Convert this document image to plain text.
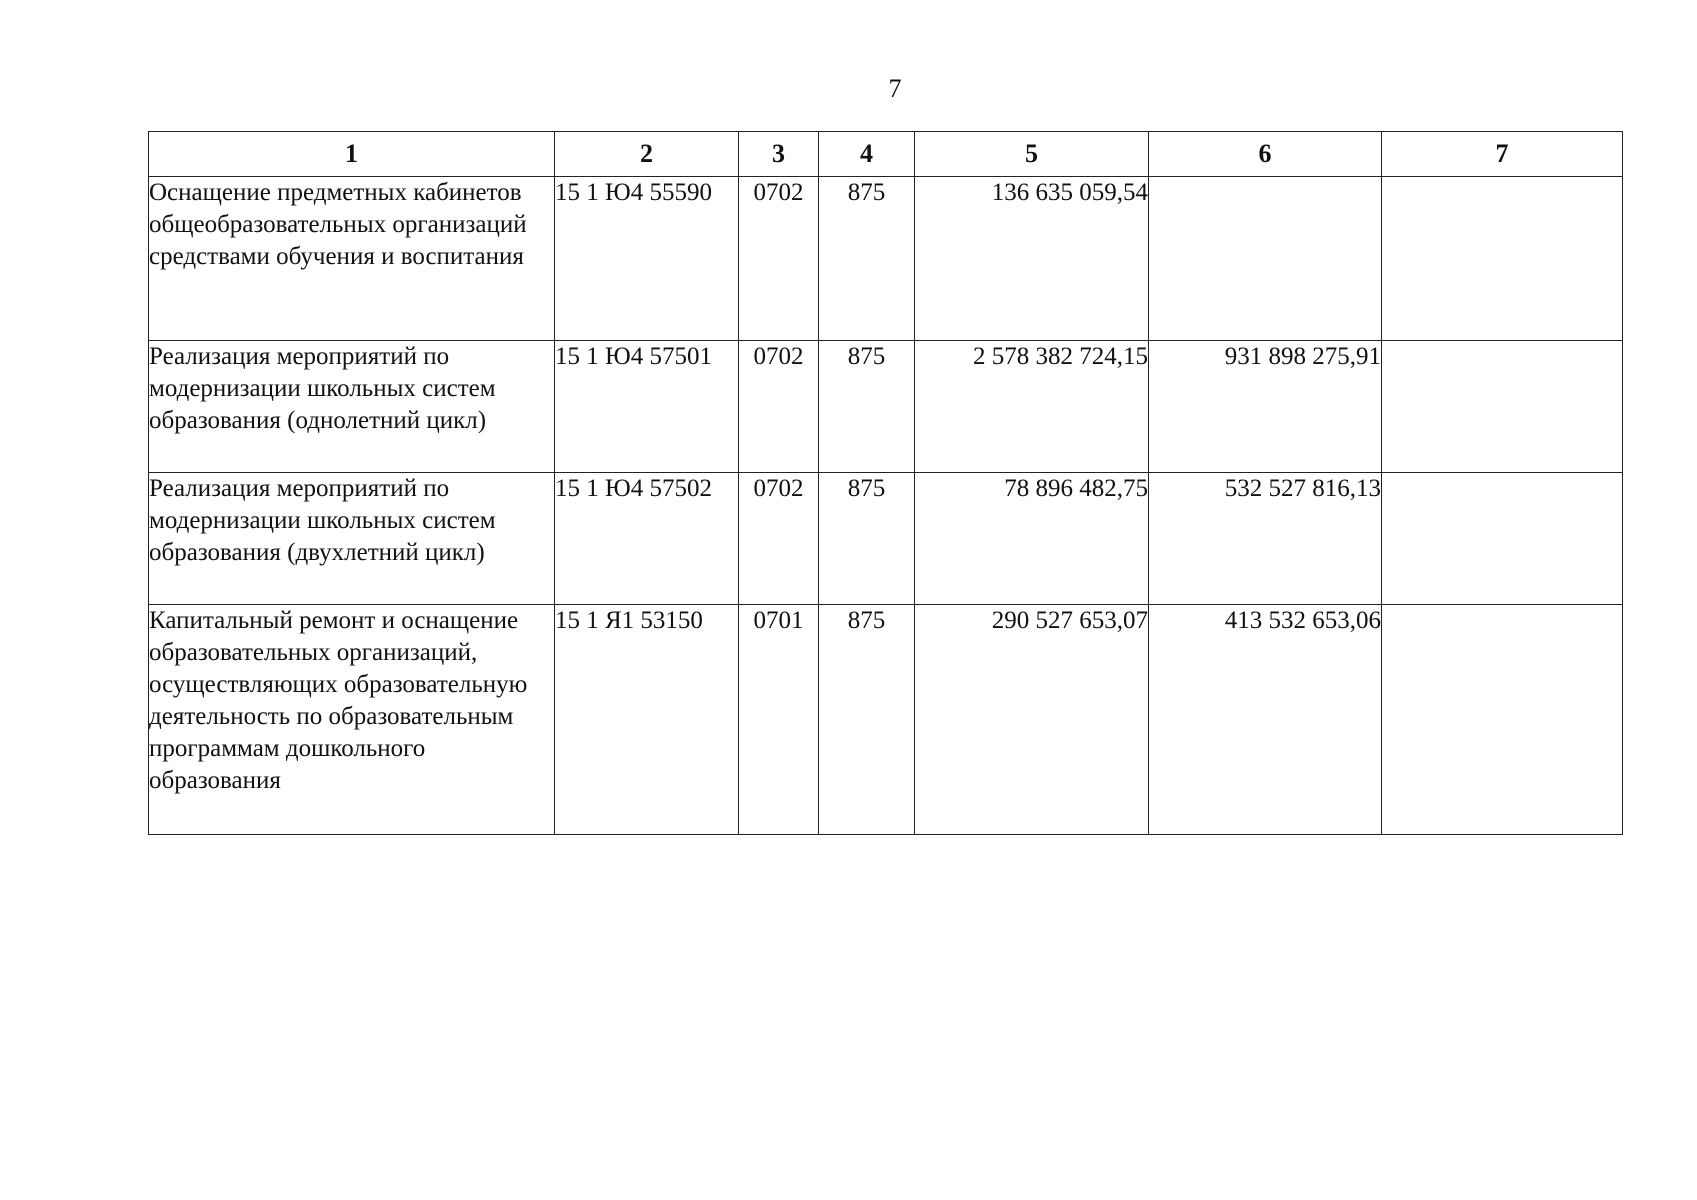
7
1	2	3	4	5	6	7
Оснащение предметных кабинетов общеобразовательных организаций средствами обучения и воспитания	15 1 Ю4 55590	0702	875	136 635 059,54		
Реализация мероприятий по модернизации школьных систем образования (однолетний цикл)	15 1 Ю4 57501	0702	875	2 578 382 724,15	931 898 275,91	
Реализация мероприятий по модернизации школьных систем образования (двухлетний цикл)	15 1 Ю4 57502	0702	875	78 896 482,75	532 527 816,13	
Капитальный ремонт и оснащение образовательных организаций, осуществляющих образовательную деятельность по образовательным программам дошкольного образования	15 1 Я1 53150	0701	875	290 527 653,07	413 532 653,06	
